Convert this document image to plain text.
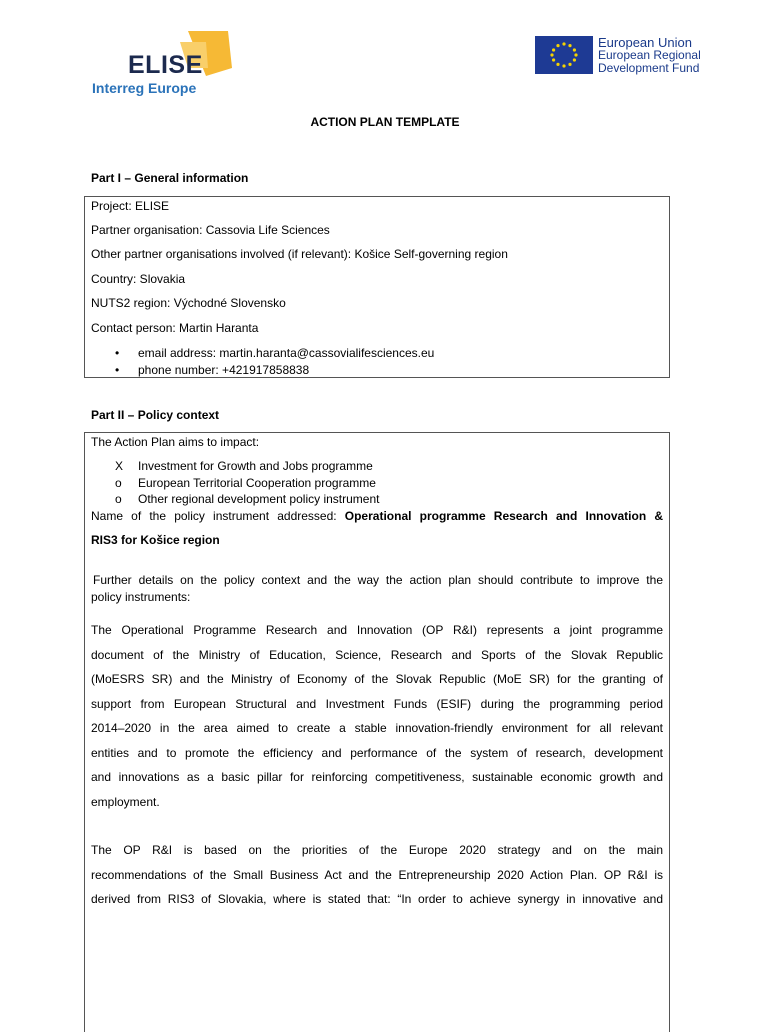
ELISE
Interreg Europe
European Union
European Regional
Development Fund
ACTION PLAN TEMPLATE
Part I – General information
Project: ELISE
Partner organisation: Cassovia Life Sciences
Other partner organisations involved (if relevant): Košice Self-governing region
Country: Slovakia
NUTS2 region: Východné Slovensko
Contact person: Martin Haranta
• email address: martin.haranta@cassovialifesciences.eu
• phone number: +421917858838
Part II – Policy context
The Action Plan aims to impact:
X Investment for Growth and Jobs programme
o European Territorial Cooperation programme
o Other regional development policy instrument
Name of the policy instrument addressed: Operational programme Research and Innovation &
RIS3 for Košice region
Further details on the policy context and the way the action plan should contribute to improve the
policy instruments:
The Operational Programme Research and Innovation (OP R&I) represents a joint programme
document of the Ministry of Education, Science, Research and Sports of the Slovak Republic
(MoESRS SR) and the Ministry of Economy of the Slovak Republic (MoE SR) for the granting of
support from European Structural and Investment Funds (ESIF) during the programming period
2014–2020 in the area aimed to create a stable innovation-friendly environment for all relevant
entities and to promote the efficiency and performance of the system of research, development
and innovations as a basic pillar for reinforcing competitiveness, sustainable economic growth and
employment.
The OP R&I is based on the priorities of the Europe 2020 strategy and on the main
recommendations of the Small Business Act and the Entrepreneurship 2020 Action Plan. OP R&I is
derived from RIS3 of Slovakia, where is stated that: “In order to achieve synergy in innovative and
